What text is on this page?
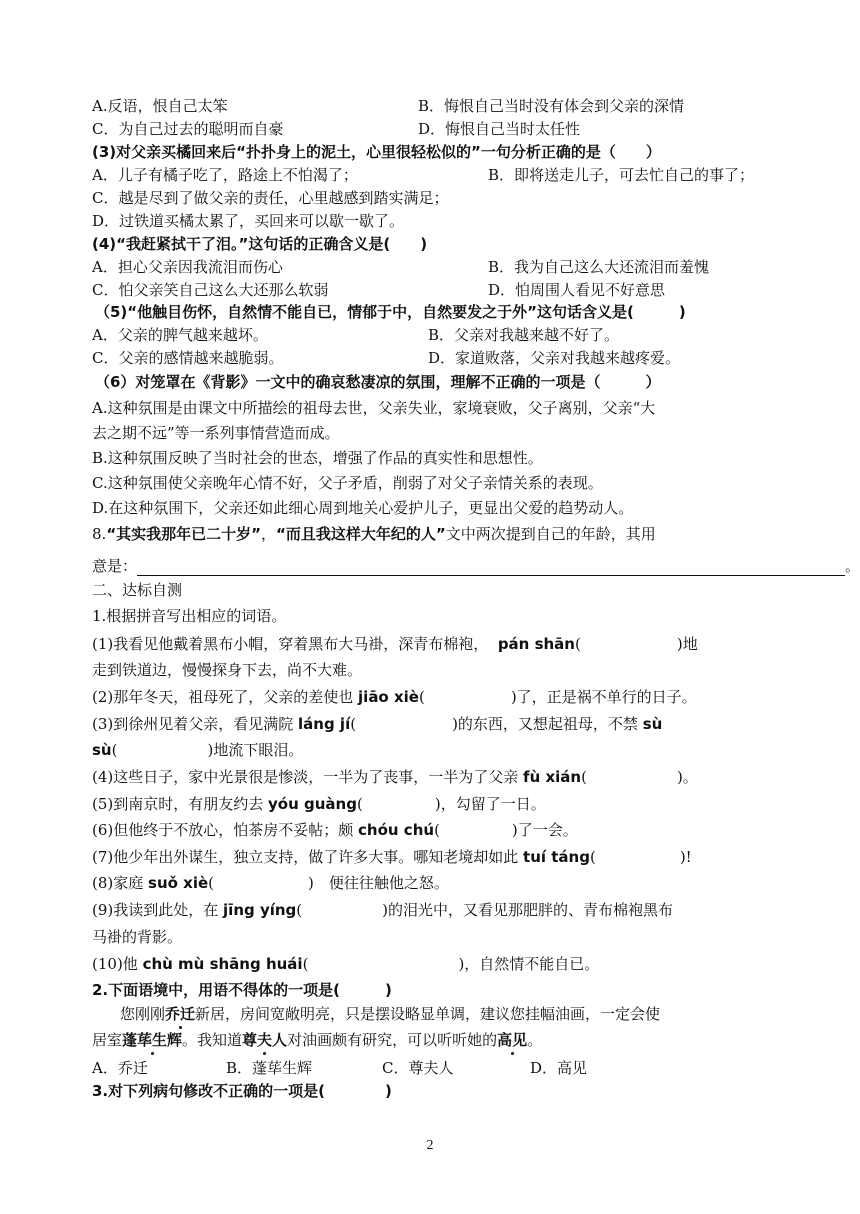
A.反语，恨自己太笨	B．悔恨自己当时没有体会到父亲的深情
C．为自己过去的聪明而自豪	D．悔恨自己当时太任性
(3)对父亲买橘回来后“扑扑身上的泥土，心里很轻松似的”一句分析正确的是（　　）
A．儿子有橘子吃了，路途上不怕渴了；	B．即将送走儿子，可去忙自己的事了；
C．越是尽到了做父亲的责任，心里越感到踏实满足；
D．过铁道买橘太累了，买回来可以歇一歇了。
(4)“我赶紧拭干了泪。”这句话的正确含义是(　　)
A．担心父亲因我流泪而伤心	B．我为自己这么大还流泪而羞愧
C．怕父亲笑自己这么大还那么软弱	D．怕周围人看见不好意思
（5)“他触目伤怀，自然情不能自已，情郁于中，自然要发之于外”这句话含义是(　　　)
A．父亲的脾气越来越坏。	B．父亲对我越来越不好了。
C．父亲的感情越来越脆弱。	D．家道败落，父亲对我越来越疼爱。
（6）对笼罩在《背影》一文中的确哀愁凄凉的氛围，理解不正确的一项是（　　　）
A.这种氛围是由课文中所描绘的祖母去世，父亲失业，家境衰败，父子离别，父亲“大
去之期不远”等一系列事情营造而成。
B.这种氛围反映了当时社会的世态，增强了作品的真实性和思想性。
C.这种氛围使父亲晚年心情不好，父子矛盾，削弱了对父子亲情关系的表现。
D.在这种氛围下，父亲还如此细心周到地关心爱护儿子，更显出父爱的趋势动人。
8.“其实我那年已二十岁”，“而且我这样大年纪的人”文中两次提到自己的年龄，其用
意是：	。
二、达标自测
1.根据拼音写出相应的词语。
(1)我看见他戴着黑布小帽，穿着黑布大马褂，深青布棉袍， pán shān(	)地
走到铁道边，慢慢探身下去，尚不大难。
(2)那年冬天，祖母死了，父亲的差使也 jiāo xiè(	)了，正是祸不单行的日子。
(3)到徐州见着父亲，看见满院 láng jí(	)的东西，又想起祖母，不禁 sù
sù(	)地流下眼泪。
(4)这些日子，家中光景很是惨淡，一半为了丧事，一半为了父亲 fù xián(	)。
(5)到南京时，有朋友约去 yóu guàng(	)，勾留了一日。
(6)但他终于不放心，怕茶房不妥帖；颇 chóu chú(	)了一会。
(7)他少年出外谋生，独立支持，做了许多大事。哪知老境却如此 tuí táng(	)!
(8)家庭 suǒ xiè(	)　便往往触他之怒。
(9)我读到此处，在 jīng yíng(	)的泪光中，又看见那肥胖的、青布棉袍黑布
马褂的背影。
(10)他 chù mù shāng huái(	)，自然情不能自已。
2.下面语境中，用语不得体的一项是(　　　)
您刚刚乔迁新居，房间宽敞明亮，只是摆设略显单调，建议您挂幅油画，一定会使
居室蓬荜生辉。我知道尊夫人对油画颇有研究，可以听听她的高见。
A．乔迁	B．蓬荜生辉	C．尊夫人	D．高见
3.对下列病句修改不正确的一项是(　　　　)
2
